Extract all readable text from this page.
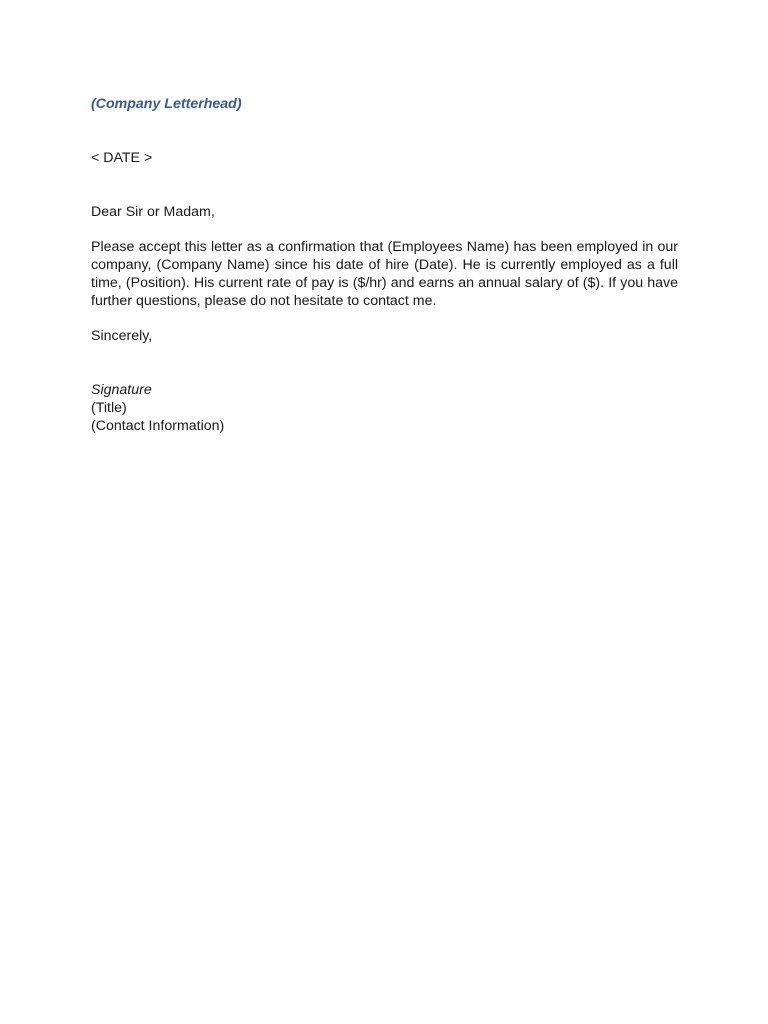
(Company Letterhead)

< DATE >

Dear Sir or Madam,

Please accept this letter as a confirmation that (Employees Name) has been employed in our company, (Company Name) since his date of hire (Date). He is currently employed as a full time, (Position). His current rate of pay is ($/hr) and earns an annual salary of ($). If you have further questions, please do not hesitate to contact me.

Sincerely,

Signature
(Title)
(Contact Information)
